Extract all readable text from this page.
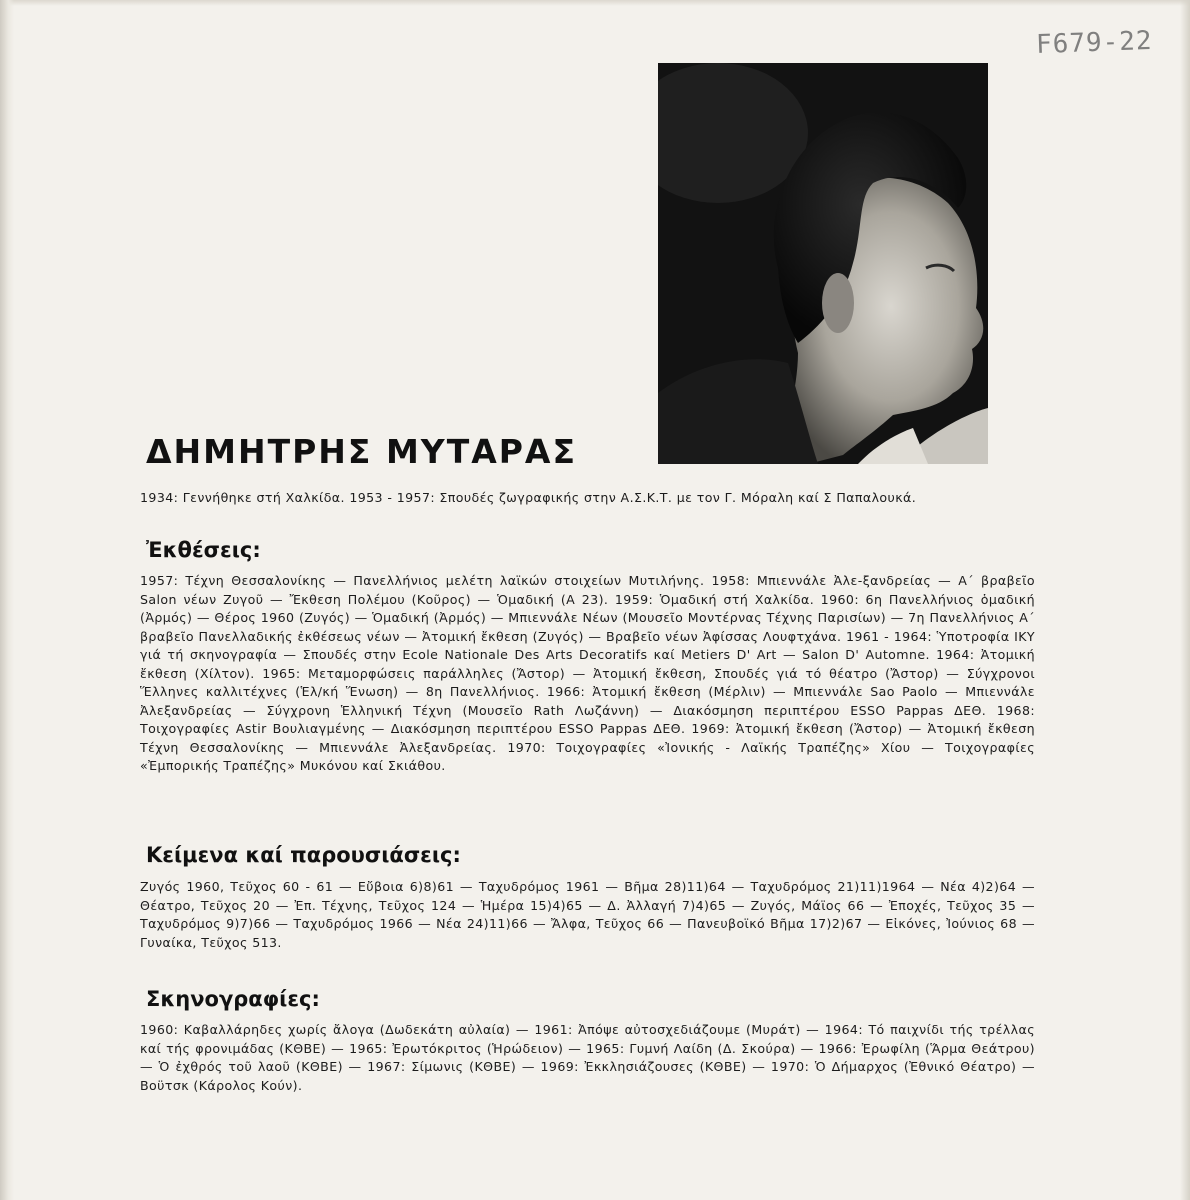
F679-22
ΔΗΜΗΤΡΗΣ ΜΥΤΑΡΑΣ

1934: Γεννήθηκε στή Χαλκίδα. 1953 - 1957: Σπουδές ζωγραφικής στην Α.Σ.Κ.Τ. με τον Γ. Μόραλη καί Σ Παπαλουκά.

Ἐκθέσεις:

1957: Τέχνη Θεσσαλονίκης — Πανελλήνιος μελέτη λαϊκών στοιχείων Μυτιλήνης. 1958: Μπιεννάλε Ἀλε-ξανδρείας — Α΄ βραβεῖο Salon νέων Ζυγοῦ — Ἔκθεση Πολέμου (Κοῦρος) — Ὁμαδική (Α 23). 1959: Ὁμαδική στή Χαλκίδα. 1960: 6η Πανελλήνιος ὁμαδική (Ἀρμός) — Θέρος 1960 (Ζυγός) — Ὁμαδική (Ἀρμός) — Μπιεννάλε Νέων (Μουσεῖο Μοντέρνας Τέχνης Παρισίων) — 7η Πανελλήνιος Α΄ βραβεῖο Πανελλαδικής ἐκθέσεως νέων — Ἀτομική ἔκθεση (Ζυγός) — Βραβεῖο νέων Ἀφίσσας Λουφτχάνα. 1961 - 1964: Ὑποτροφία ΙΚΥ γιά τή σκηνογραφία — Σπουδές στην Ecole Nationale Des Arts Decoratifs καί Metiers D' Art — Salon D' Automne. 1964: Ἀτομική ἔκθεση (Χίλτον). 1965: Μεταμορφώσεις παράλληλες (Ἄστορ) — Ἀτομική ἔκθεση, Σπουδές γιά τό θέατρο (Ἄστορ) — Σύγχρονοι Ἕλληνες καλλιτέχνες (Ἑλ/κή Ἕνωση) — 8η Πανελλήνιος. 1966: Ἀτομική ἔκθεση (Μέρλιν) — Μπιεννάλε Sao Paolo — Μπιεννάλε Ἀλεξανδρείας — Σύγχρονη Ἑλληνική Τέχνη (Μουσεῖο Rath Λωζάννη) — Διακόσμηση περιπτέρου ESSO Pappas ΔΕΘ. 1968: Τοιχογραφίες Astir Βουλιαγμένης — Διακόσμηση περιπτέρου ESSO Pappas ΔΕΘ. 1969: Ἀτομική ἔκθεση (Ἄστορ) — Ἀτομική ἔκθεση Τέχνη Θεσσαλονίκης — Μπιεννάλε Ἀλεξανδρείας. 1970: Τοιχογραφίες «Ἰονικής - Λαϊκής Τραπέζης» Χίου — Τοιχογραφίες «Ἐμπορικής Τραπέζης» Μυκόνου καί Σκιάθου.

Κείμενα καί παρουσιάσεις:

Ζυγός 1960, Τεῦχος 60 - 61 — Εὔβοια 6)8)61 — Ταχυδρόμος 1961 — Βῆμα 28)11)64 — Ταχυδρόμος 21)11)1964 — Νέα 4)2)64 — Θέατρο, Τεῦχος 20 — Ἐπ. Τέχνης, Τεῦχος 124 — Ἡμέρα 15)4)65 — Δ. Ἀλλαγή 7)4)65 — Ζυγός, Μάϊος 66 — Ἐποχές, Τεῦχος 35 — Ταχυδρόμος 9)7)66 — Ταχυδρόμος 1966 — Νέα 24)11)66 — Ἄλφα, Τεῦχος 66 — Πανευβοϊκό Βῆμα 17)2)67 — Εἰκόνες, Ἰούνιος 68 — Γυναίκα, Τεῦχος 513.

Σκηνογραφίες:

1960: Καβαλλάρηδες χωρίς ἄλογα (Δωδεκάτη αὐλαία) — 1961: Ἀπόψε αὐτοσχεδιάζουμε (Μυράτ) — 1964: Τό παιχνίδι τής τρέλλας καί τής φρονιμάδας (ΚΘΒΕ) — 1965: Ἐρωτόκριτος (Ἡρώδειον) — 1965: Γυμνή Λαίδη (Δ. Σκούρα) — 1966: Ἐρωφίλη (Ἅρμα Θεάτρου) — Ὁ ἐχθρός τοῦ λαοῦ (ΚΘΒΕ) — 1967: Σίμωνις (ΚΘΒΕ) — 1969: Ἐκκλησιάζουσες (ΚΘΒΕ) — 1970: Ὁ Δήμαρχος (Ἐθνικό Θέατρο) — Βοϋτσκ (Κάρολος Κούν).
